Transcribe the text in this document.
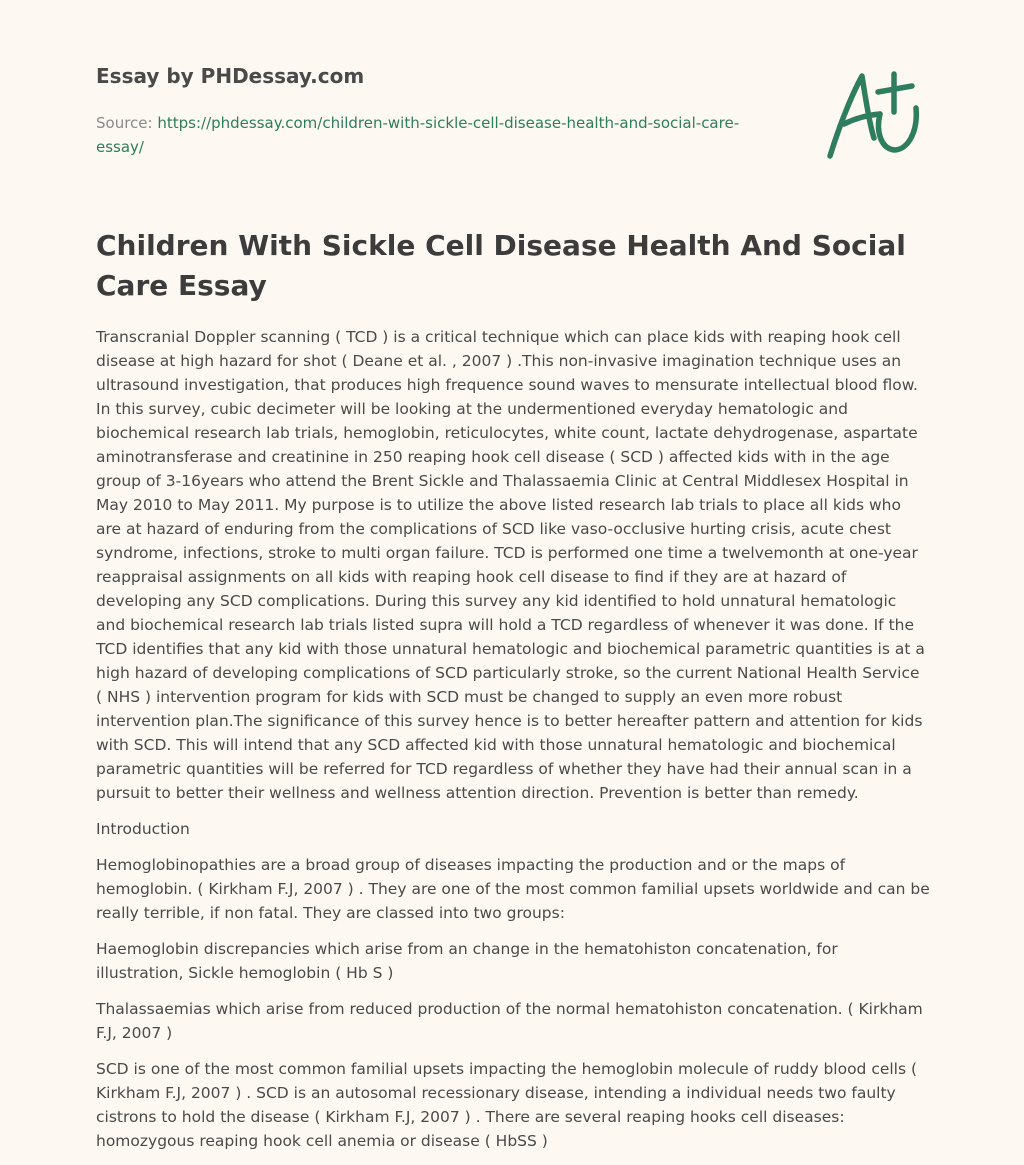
Essay by PHDessay.com
Source: https://phdessay.com/children-with-sickle-cell-disease-health-and-social-care-essay/
Children With Sickle Cell Disease Health And Social Care Essay

Transcranial Doppler scanning ( TCD ) is a critical technique which can place kids with reaping hook cell disease at high hazard for shot ( Deane et al. , 2007 ) .This non-invasive imagination technique uses an ultrasound investigation, that produces high frequence sound waves to mensurate intellectual blood flow. In this survey, cubic decimeter will be looking at the undermentioned everyday hematologic and biochemical research lab trials, hemoglobin, reticulocytes, white count, lactate dehydrogenase, aspartate aminotransferase and creatinine in 250 reaping hook cell disease ( SCD ) affected kids with in the age group of 3-16years who attend the Brent Sickle and Thalassaemia Clinic at Central Middlesex Hospital in May 2010 to May 2011. My purpose is to utilize the above listed research lab trials to place all kids who are at hazard of enduring from the complications of SCD like vaso-occlusive hurting crisis, acute chest syndrome, infections, stroke to multi organ failure. TCD is performed one time a twelvemonth at one-year reappraisal assignments on all kids with reaping hook cell disease to find if they are at hazard of developing any SCD complications. During this survey any kid identified to hold unnatural hematologic and biochemical research lab trials listed supra will hold a TCD regardless of whenever it was done. If the TCD identifies that any kid with those unnatural hematologic and biochemical parametric quantities is at a high hazard of developing complications of SCD particularly stroke, so the current National Health Service ( NHS ) intervention program for kids with SCD must be changed to supply an even more robust intervention plan.The significance of this survey hence is to better hereafter pattern and attention for kids with SCD. This will intend that any SCD affected kid with those unnatural hematologic and biochemical parametric quantities will be referred for TCD regardless of whether they have had their annual scan in a pursuit to better their wellness and wellness attention direction. Prevention is better than remedy.

Introduction

Hemoglobinopathies are a broad group of diseases impacting the production and or the maps of hemoglobin. ( Kirkham F.J, 2007 ) . They are one of the most common familial upsets worldwide and can be really terrible, if non fatal. They are classed into two groups:

Haemoglobin discrepancies which arise from an change in the hematohiston concatenation, for illustration, Sickle hemoglobin ( Hb S )

Thalassaemias which arise from reduced production of the normal hematohiston concatenation. ( Kirkham F.J, 2007 )

SCD is one of the most common familial upsets impacting the hemoglobin molecule of ruddy blood cells ( Kirkham F.J, 2007 ) . SCD is an autosomal recessionary disease, intending a individual needs two faulty cistrons to hold the disease ( Kirkham F.J, 2007 ) . There are several reaping hooks cell diseases: homozygous reaping hook cell anemia or disease ( HbSS )
